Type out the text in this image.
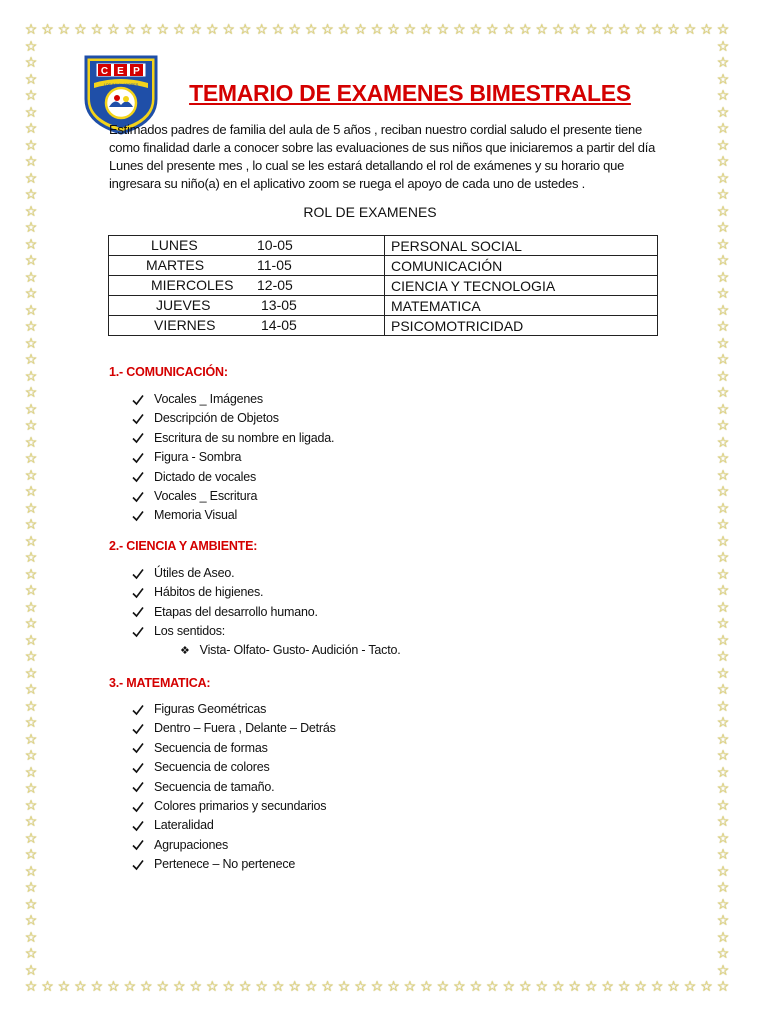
☆
☆
☆
☆
☆
☆
☆
☆
☆
☆
☆
☆
☆
☆
☆
☆
☆
☆
☆
☆
☆
☆
☆
☆
☆
☆
☆
☆
☆
☆
☆
☆
☆
☆
☆
☆
☆
☆
☆
☆
☆
☆
☆
☆
☆
☆
☆
☆
☆
☆
☆
☆
☆
☆
☆
☆
☆
☆
☆
☆
☆
☆
☆
☆
☆
☆
☆
☆
☆
☆
☆
☆
☆
☆
☆
☆
☆
☆
☆
☆
☆
☆
☆
☆
☆
☆
☆	☆
☆	☆
☆	☆
☆	☆
☆	☆
☆	☆
☆	☆
☆	☆
☆	☆
☆	☆
☆	☆
☆	☆
☆	☆
☆	☆
☆	☆
☆	☆
☆	☆
☆	☆
☆	☆
☆	☆
☆	☆
☆	☆
☆	☆
☆	☆
☆	☆
☆	☆
☆	☆
☆	☆
☆	☆
☆	☆
☆	☆
☆	☆
☆	☆
☆	☆
☆	☆
☆	☆
☆	☆
☆	☆
☆	☆
☆	☆
☆	☆
☆	☆
☆	☆
☆	☆
☆	☆
☆	☆
☆	☆
☆	☆
☆	☆
☆	☆
☆	☆
☆	☆
☆	☆
☆	☆
☆	☆
☆	☆
☆	☆
C E P
LOS INNOVADORES	TEMARIO DE EXAMENES BIMESTRALES
Estimados padres de familia del aula de 5 años , reciban nuestro cordial saludo el presente tiene como finalidad darle a conocer sobre las evaluaciones de sus niños que iniciaremos a partir del día Lunes del presente mes , lo cual se les estará detallando el rol de exámenes y su horario que ingresara su niño(a) en el aplicativo zoom se ruega el apoyo de cada uno de ustedes .
ROL DE EXAMENES
LUNES 10-05	PERSONAL SOCIAL

MARTES 11-05	COMUNICACIÓN

MIERCOLES 12-05	CIENCIA Y TECNOLOGIA

JUEVES 13-05	MATEMATICA

VIERNES 14-05	PSICOMOTRICIDAD
1.- COMUNICACIÓN:
Vocales _ Imágenes
Descripción de Objetos
Escritura de su nombre en ligada.
Figura - Sombra
Dictado de vocales
Vocales _ Escritura
Memoria Visual
2.- CIENCIA Y AMBIENTE:
Útiles de Aseo.
Hábitos de higienes.
Etapas del desarrollo humano.
Los sentidos:
❖ Vista- Olfato- Gusto- Audición - Tacto.
3.- MATEMATICA:
Figuras Geométricas
Dentro – Fuera , Delante – Detrás
Secuencia de formas
Secuencia de colores
Secuencia de tamaño.
Colores primarios y secundarios
Lateralidad
Agrupaciones
Pertenece – No pertenece
